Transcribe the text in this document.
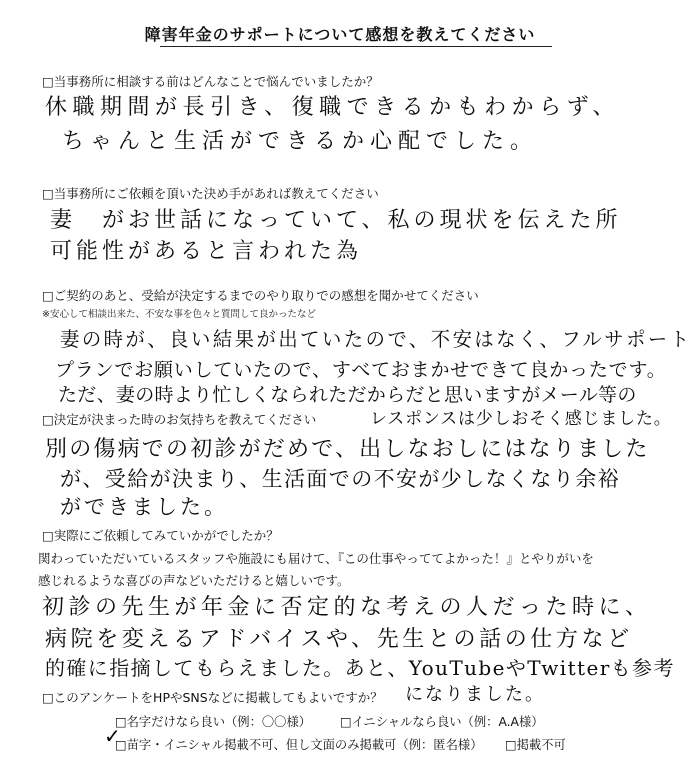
障害年金のサポートについて感想を教えてください
□当事務所に相談する前はどんなことで悩んでいましたか？
休職期間が長引き、復職できるかもわからず、
ちゃんと生活ができるか心配でした。
□当事務所にご依頼を頂いた決め手があれば教えてください
妻　がお世話になっていて、私の現状を伝えた所
可能性があると言われた為
□ご契約のあと、受給が決定するまでのやり取りでの感想を聞かせてください
※安心して相談出来た、不安な事を色々と質問して良かったなど
妻の時が、良い結果が出ていたので、不安はなく、フルサポート
プランでお願いしていたので、すべておまかせできて良かったです。
ただ、妻の時より忙しくなられただからだと思いますがメール等の
レスポンスは少しおそく感じました。
□決定が決まった時のお気持ちを教えてください
別の傷病での初診がだめで、出しなおしにはなりました
が、受給が決まり、生活面での不安が少しなくなり余裕
ができました。
□実際にご依頼してみていかがでしたか？
関わっていただいているスタッフや施設にも届けて、『この仕事やっててよかった！』とやりがいを
感じれるような喜びの声などいただけると嬉しいです。
初診の先生が年金に否定的な考えの人だった時に、
病院を変えるアドバイスや、先生との話の仕方など
的確に指摘してもらえました。あと、YouTubeやTwitterも参考
になりました。
□このアンケートをHPやSNSなどに掲載してもよいですか？
□名字だけなら良い（例：〇〇様） □イニシャルなら良い（例：A.A様）
✓
□苗字・イニシャル掲載不可、但し文面のみ掲載可（例：匿名様） □掲載不可
